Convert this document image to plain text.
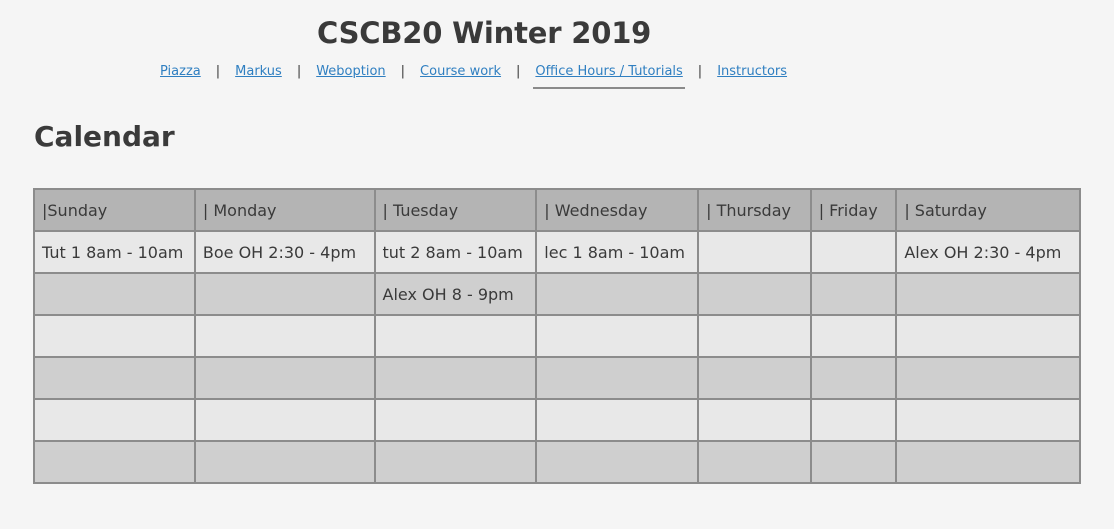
CSCB20 Winter 2019
Piazza | Markus | Weboption | Course work | Office Hours / Tutorials | Instructors
Calendar
|Sunday	| Monday	| Tuesday	| Wednesday	| Thursday	| Friday	| Saturday
Tut 1 8am - 10am	Boe OH 2:30 - 4pm	tut 2 8am - 10am	lec 1 8am - 10am			Alex OH 2:30 - 4pm
		Alex OH 8 - 9pm				
